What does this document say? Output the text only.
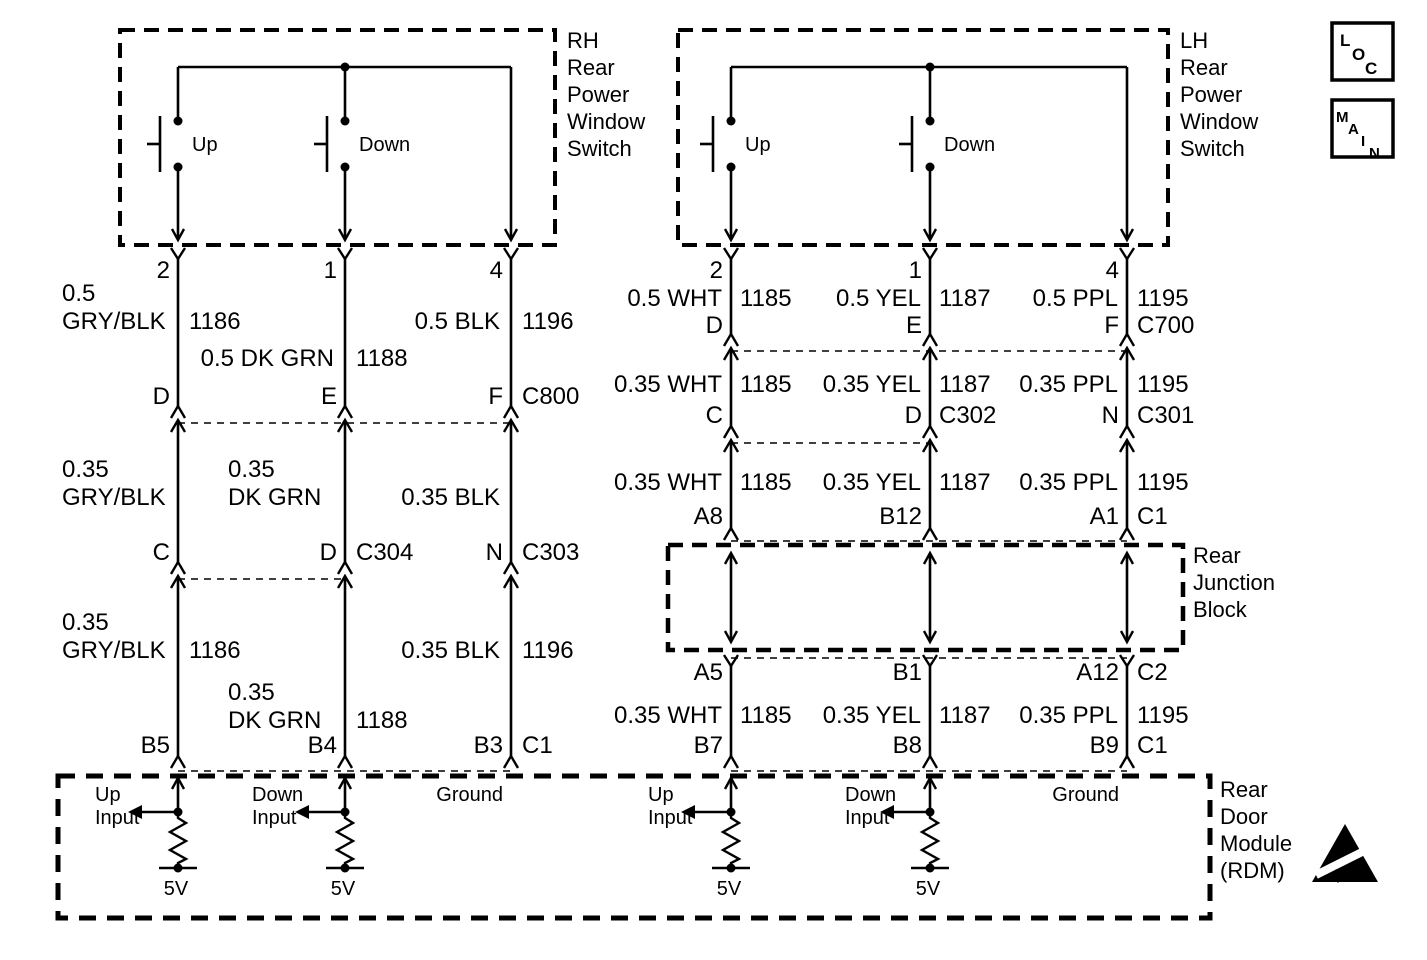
RH
Rear
Power
Window
Switch
Up	Down
2	1	4
0.5
GRY/BLK 1186	0.5 BLK 1196
0.5 DK GRN 1188
D	E	F C800
0.35
GRY/BLK
0.35
DK GRN	0.35 BLK
C	D C304	N C303
0.35
GRY/BLK 1186	0.35 BLK 1196
0.35
DK GRN 1188
B5	B4	B3 C1
LH
Rear
Power
Window
Switch
Up	Down
2	1	4
0.5 WHT 1185 0.5 YEL 1187 0.5 PPL 1195
D	E	F C700
0.35 WHT 1185 0.35 YEL 1187 0.35 PPL 1195
C	D C302	N C301
0.35 WHT 1185 0.35 YEL 1187 0.35 PPL 1195
A8	B12	A1 C1
Rear
Junction
Block
A5	B1	A12 C2
0.35 WHT 1185 0.35 YEL 1187 0.35 PPL 1195
B7	B8	B9 C1
Rear
Door
Module
(RDM)
Up
Input
5V
Down
Input
5V
Ground	Up
Input
5V
Down
Input
5V
Ground
L
O
C
M
A
I
N
